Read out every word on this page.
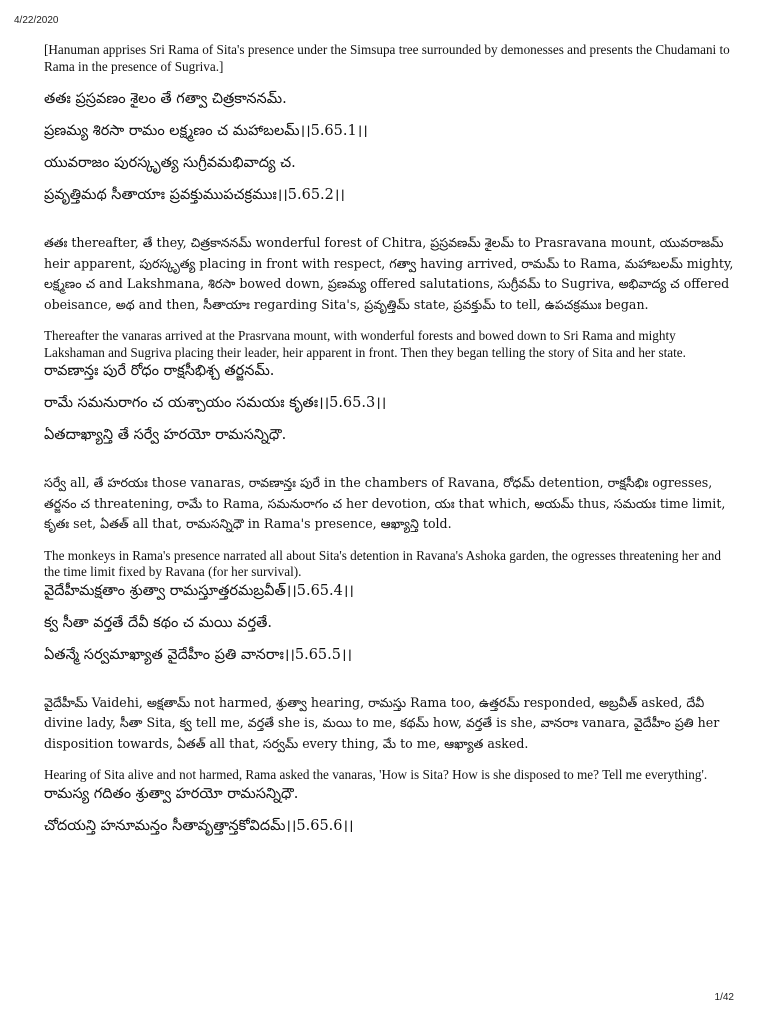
4/22/2020

[Hanuman apprises Sri Rama of Sita's presence under the Simsupa tree surrounded by demonesses and presents the Chudamani to Rama in the presence of Sugriva.]

తతః ప్రస్రవణం శైలం తే గత్వా చిత్రకాననమ్.

ప్రణమ్య శిరసా రామం లక్ష్మణం చ మహాబలమ్।।5.65.1।।

యువరాజం పురస్కృత్య సుగ్రీవమభివాద్య చ.

ప్రవృత్తిమథ సీతాయాః ప్రవక్తుముపచక్రముః।।5.65.2।।

తతః thereafter, తే they, చిత్రకాననమ్ wonderful forest of Chitra, ప్రస్రవణమ్ శైలమ్ to Prasravana mount, యువరాజమ్ heir apparent, పురస్కృత్య placing in front with respect, గత్వా having arrived, రామమ్ to Rama, మహాబలమ్ mighty, లక్ష్మణం చ and Lakshmana, శిరసా bowed down, ప్రణమ్య offered salutations, సుగ్రీవమ్ to Sugriva, అభివాద్య చ offered obeisance, అథ and then, సీతాయాః regarding Sita's, ప్రవృత్తిమ్ state, ప్రవక్తుమ్ to tell, ఉపచక్రముః began.

Thereafter the vanaras arrived at the Prasrvana mount, with wonderful forests and bowed down to Sri Rama and mighty Lakshaman and Sugriva placing their leader, heir apparent in front. Then they began telling the story of Sita and her state.

రావణాన్తః పురే రోధం రాక్షసీభిశ్చ తర్జనమ్.

రామే సమనురాగం చ యశ్చాయం సమయః కృతః।।5.65.3।।

ఏతదాఖ్యాన్తి తే సర్వే హరయో రామసన్నిధౌ.

సర్వే all, తే హరయః those vanaras, రావణాన్తః పురే in the chambers of Ravana, రోధమ్ detention, రాక్షసీభిః ogresses, తర్జనం చ threatening, రామే to Rama, సమనురాగం చ her devotion, యః that which, అయమ్ thus, సమయః time limit, కృతః set, ఏతత్ all that, రామసన్నిధౌ in Rama's presence, ఆఖ్యాన్తి told.

The monkeys in Rama's presence narrated all about Sita's detention in Ravana's Ashoka garden, the ogresses threatening her and the time limit fixed by Ravana (for her survival).

వైదేహీమక్షతాం శ్రుత్వా రామస్తూత్తరమబ్రవీత్।।5.65.4।।

క్వ సీతా వర్తతే దేవీ కథం చ మయి వర్తతే.

ఏతన్మే సర్వమాఖ్యాత వైదేహీం ప్రతి వానరాః।।5.65.5।।

వైదేహీమ్ Vaidehi, అక్షతామ్ not harmed, శ్రుత్వా hearing, రామస్తు Rama too, ఉత్తరమ్ responded, అబ్రవీత్ asked, దేవీ divine lady, సీతా Sita, క్వ tell me, వర్తతే she is, మయి to me, కథమ్ how, వర్తతే is she, వానరాః vanara, వైదేహీం ప్రతి her disposition towards, ఏతత్ all that, సర్వమ్ every thing, మే to me, ఆఖ్యాత asked.

Hearing of Sita alive and not harmed, Rama asked the vanaras, 'How is Sita? How is she disposed to me? Tell me everything'.

రామస్య గదితం శ్రుత్వా హరయో రామసన్నిధౌ.

చోదయన్తి హనూమన్తం సీతావృత్తాన్తకోవిదమ్।।5.65.6।।

1/42
